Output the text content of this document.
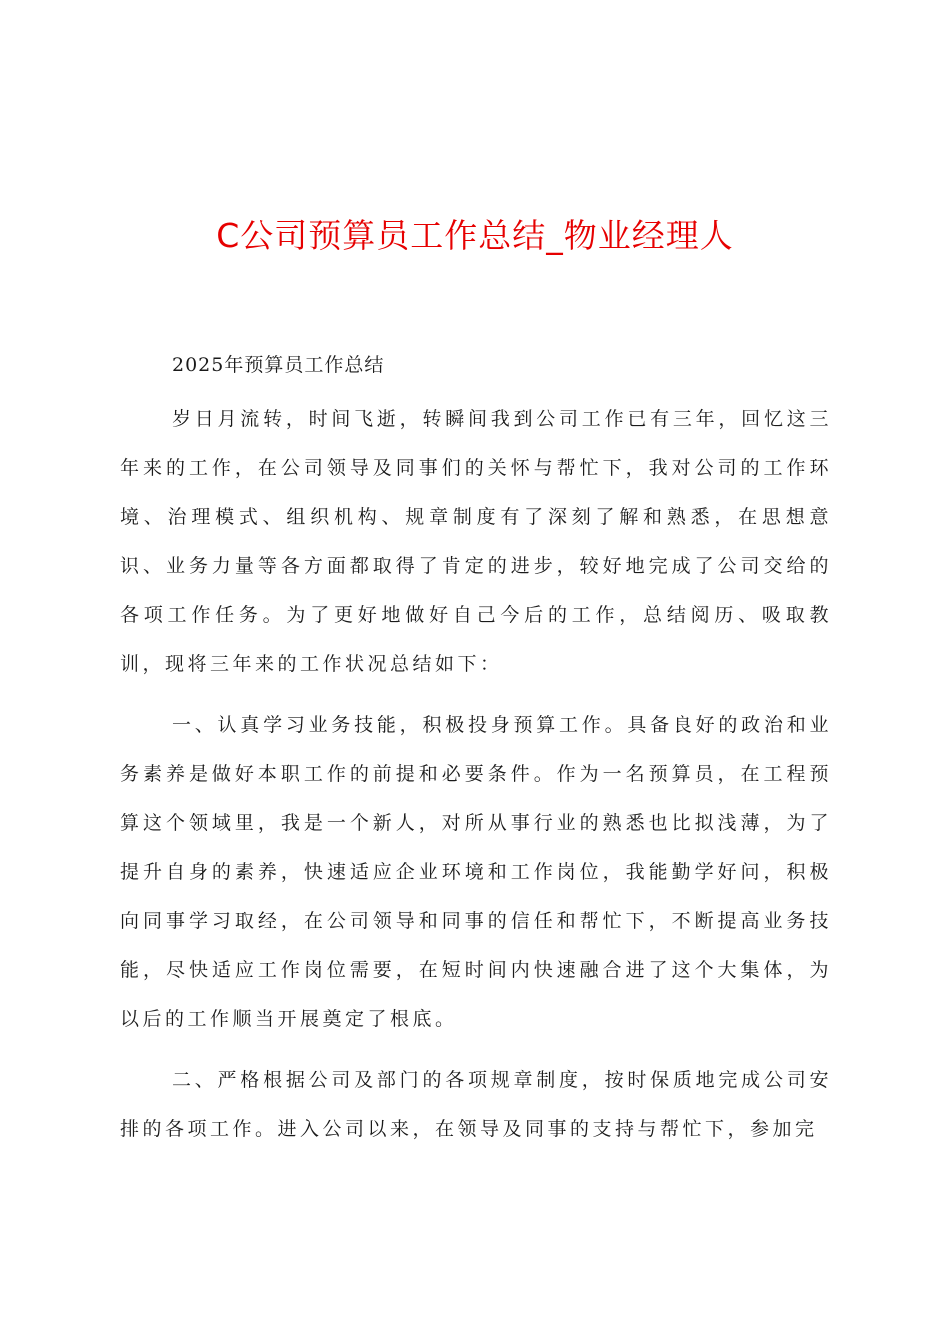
C公司预算员工作总结_物业经理人

2025年预算员工作总结

岁日月流转，时间飞逝，转瞬间我到公司工作已有三年，回忆这三年来的工作，在公司领导及同事们的关怀与帮忙下，我对公司的工作环境、治理模式、组织机构、规章制度有了深刻了解和熟悉，在思想意识、业务力量等各方面都取得了肯定的进步，较好地完成了公司交给的各项工作任务。为了更好地做好自己今后的工作，总结阅历、吸取教训，现将三年来的工作状况总结如下：

一、认真学习业务技能，积极投身预算工作。具备良好的政治和业务素养是做好本职工作的前提和必要条件。作为一名预算员，在工程预算这个领域里，我是一个新人，对所从事行业的熟悉也比拟浅薄，为了提升自身的素养，快速适应企业环境和工作岗位，我能勤学好问，积极向同事学习取经，在公司领导和同事的信任和帮忙下，不断提高业务技能，尽快适应工作岗位需要，在短时间内快速融合进了这个大集体，为以后的工作顺当开展奠定了根底。

二、严格根据公司及部门的各项规章制度，按时保质地完成公司安排的各项工作。进入公司以来，在领导及同事的支持与帮忙下，参加完
